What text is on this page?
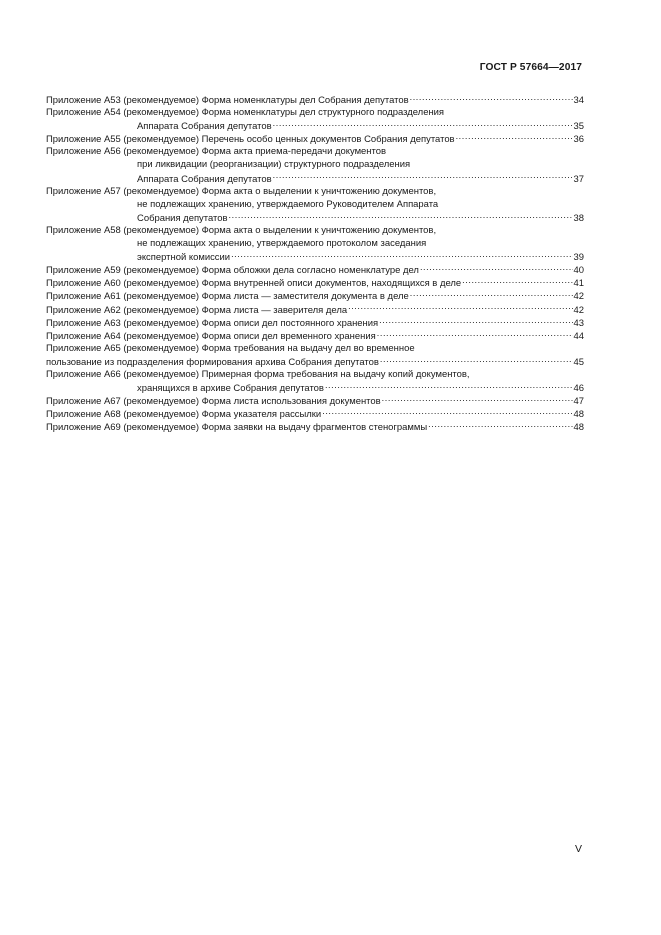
ГОСТ Р 57664—2017
Приложение А53 (рекомендуемое)
Форма номенклатуры дел Собрания депутатов .....	34
Приложение А54 (рекомендуемое)
Форма номенклатуры дел структурного подразделения
Аппарата Собрания депутатов .....	35
Приложение А55 (рекомендуемое)
Перечень особо ценных документов Собрания депутатов .....	36
Приложение А56 (рекомендуемое)
Форма акта приема-передачи документов
при ликвидации (реорганизации) структурного подразделения
Аппарата Собрания депутатов .....	37
Приложение А57 (рекомендуемое)
Форма акта о выделении к уничтожению документов,
не подлежащих хранению, утверждаемого Руководителем Аппарата
Собрания депутатов .....	38
Приложение А58 (рекомендуемое)
Форма акта о выделении к уничтожению документов,
не подлежащих хранению, утверждаемого протоколом заседания
экспертной комиссии .....	39
Приложение А59 (рекомендуемое)
Форма обложки дела согласно номенклатуре дел .....	40
Приложение А60 (рекомендуемое)
Форма внутренней описи документов, находящихся в деле .....	41
Приложение А61 (рекомендуемое)
Форма листа — заместителя документа в деле .....	42
Приложение А62 (рекомендуемое)
Форма листа — заверителя дела .....	42
Приложение А63 (рекомендуемое)
Форма описи дел постоянного хранения .....	43
Приложение А64 (рекомендуемое)
Форма описи дел временного хранения .....	44
Приложение А65 (рекомендуемое)
Форма требования на выдачу дел во временное
пользование из подразделения формирования архива Собрания депутатов .....	45
Приложение А66 (рекомендуемое)
Примерная форма требования на выдачу копий документов,
хранящихся в архиве Собрания депутатов .....	46
Приложение А67 (рекомендуемое)
Форма листа использования документов .....	47
Приложение А68 (рекомендуемое)
Форма указателя рассылки .....	48
Приложение А69 (рекомендуемое)
Форма заявки на выдачу фрагментов стенограммы .....	48
V
